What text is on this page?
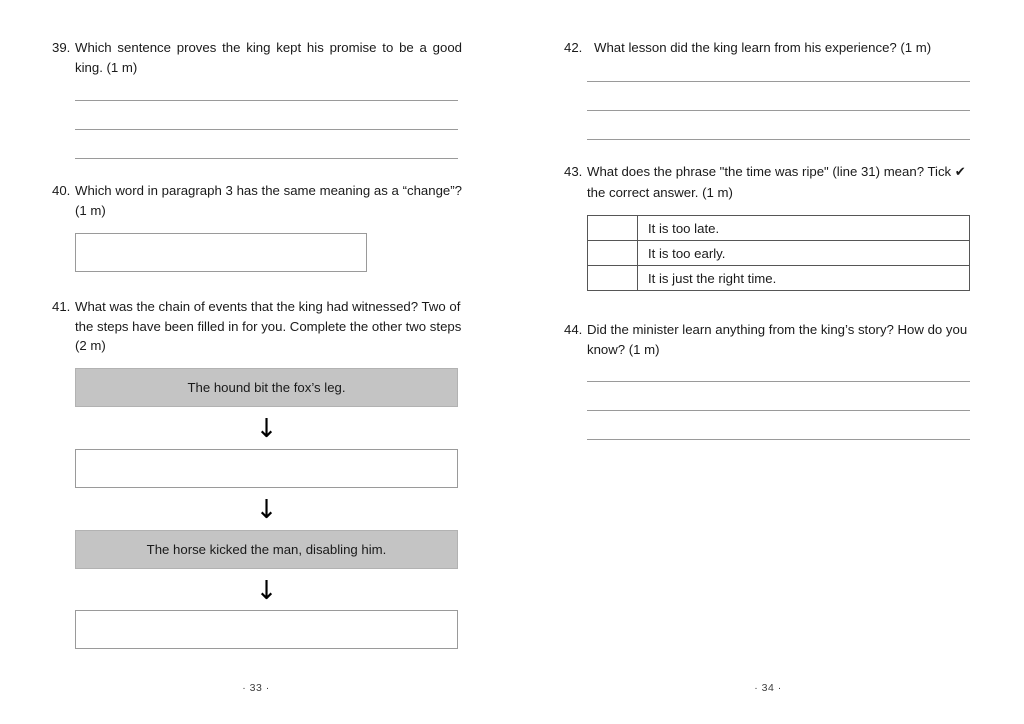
39. Which sentence proves the king kept his promise to be a good king. (1 m)
40. Which word in paragraph 3 has the same meaning as a “change”? (1 m)
41. What was the chain of events that the king had witnessed? Two of the steps have been filled in for you. Complete the other two steps (2 m)
The hound bit the fox’s leg.
↓
↓
The horse kicked the man, disabling him.
↓
· 33 ·
42. What lesson did the king learn from his experience? (1 m)
43. What does the phrase "the time was ripe" (line 31) mean? Tick ✔ the correct answer. (1 m)
	It is too late.
	It is too early.
	It is just the right time.
44. Did the minister learn anything from the king’s story? How do you know? (1 m)
· 34 ·
